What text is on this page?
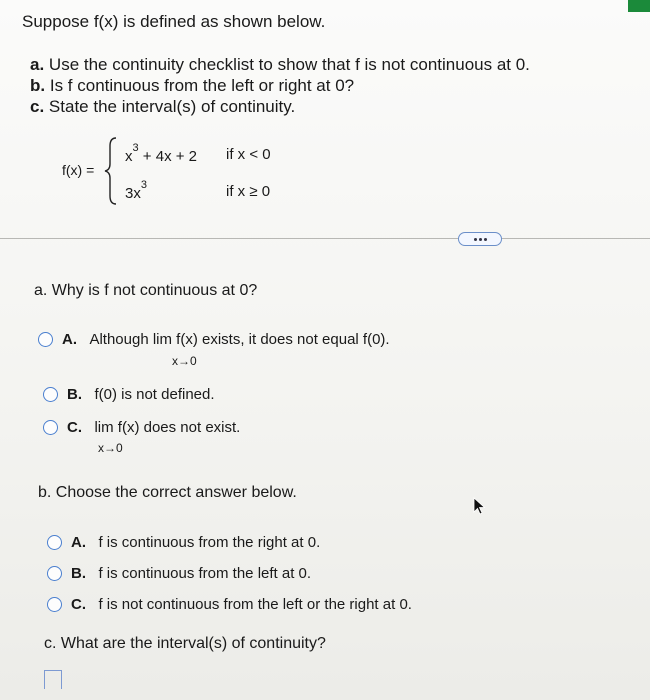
Suppose f(x) is defined as shown below.
a. Use the continuity checklist to show that f is not continuous at 0.
b. Is f continuous from the left or right at 0?
c. State the interval(s) of continuity.
f(x) =
$x^3 + 4x + 2$ if x < 0
$3x^3$	if x ≥ 0
a. Why is f not continuous at 0?
A. Although lim f(x) exists, it does not equal f(0).
x→0
B. f(0) is not defined.
C. lim f(x) does not exist.
x→0
b. Choose the correct answer below.
A. f is continuous from the right at 0.
B. f is continuous from the left at 0.
C. f is not continuous from the left or the right at 0.
c. What are the interval(s) of continuity?
